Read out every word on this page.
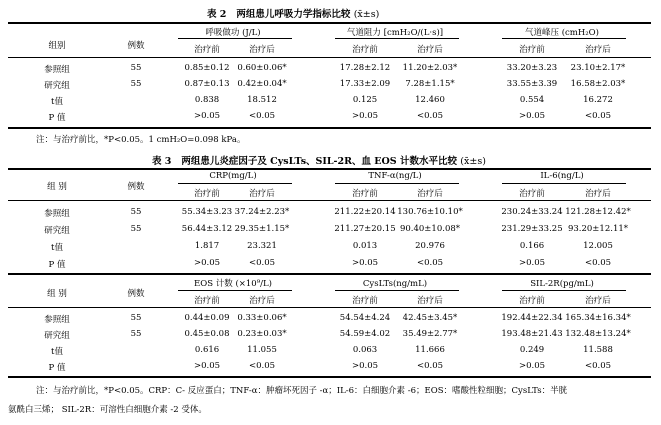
表 2 两组患儿呼吸力学指标比较 (x̄±s)
组别	例数
呼吸做功 (J/L)	气道阻力 [cmH₂O/(L·s)]	气道峰压 (cmH₂O)
治疗前	治疗后	治疗前	治疗后	治疗前	治疗后
参照组	55	0.85±0.12 0.60±0.06*	17.28±2.12 11.20±2.03*	33.20±3.23 23.10±2.17*
研究组	55	0.87±0.13 0.42±0.04*	17.33±2.09 7.28±1.15*	33.55±3.39 16.58±2.03*
t值	0.838	18.512	0.125	12.460	0.554	16.272
P 值	>0.05	<0.05	>0.05	<0.05	>0.05	<0.05
注：与治疗前比，*P<0.05。1 cmH₂O=0.098 kPa。
表 3 两组患儿炎症因子及 CysLTs、SIL-2R、血 EOS 计数水平比较 (x̄±s)
组 别	例数
CRP(mg/L)	TNF-α(ng/L)	IL-6(ng/L)
治疗前	治疗后	治疗前	治疗后	治疗前	治疗后
参照组	55	55.34±3.23 37.24±2.23*	211.22±20.14 130.76±10.10*	230.24±33.24 121.28±12.42*
研究组	55	56.44±3.12 29.35±1.15*	211.27±20.15 90.40±10.08*	231.29±33.25 93.20±12.11*
t值	1.817	23.321	0.013	20.976	0.166	12.005
P 值	>0.05	<0.05	>0.05	<0.05	>0.05	<0.05
组 别	例数
EOS 计数 (×10⁹/L)	CysLTs(ng/mL)	SIL-2R(pg/mL)
治疗前	治疗后	治疗前	治疗后	治疗前	治疗后
参照组	55	0.44±0.09 0.33±0.06*	54.54±4.24 42.45±3.45*	192.44±22.34 165.34±16.34*
研究组	55	0.45±0.08 0.23±0.03*	54.59±4.02 35.49±2.77*	193.48±21.43 132.48±13.24*
t值	0.616	11.055	0.063	11.666	0.249	11.588
P 值	>0.05	<0.05	>0.05	<0.05	>0.05	<0.05
注：与治疗前比，*P<0.05。CRP：C- 反应蛋白；TNF-α：肿瘤坏死因子 -α；IL-6：白细胞介素 -6；EOS：嗜酸性粒细胞；CysLTs：半胱
氨酰白三烯； SIL-2R：可溶性白细胞介素 -2 受体。
